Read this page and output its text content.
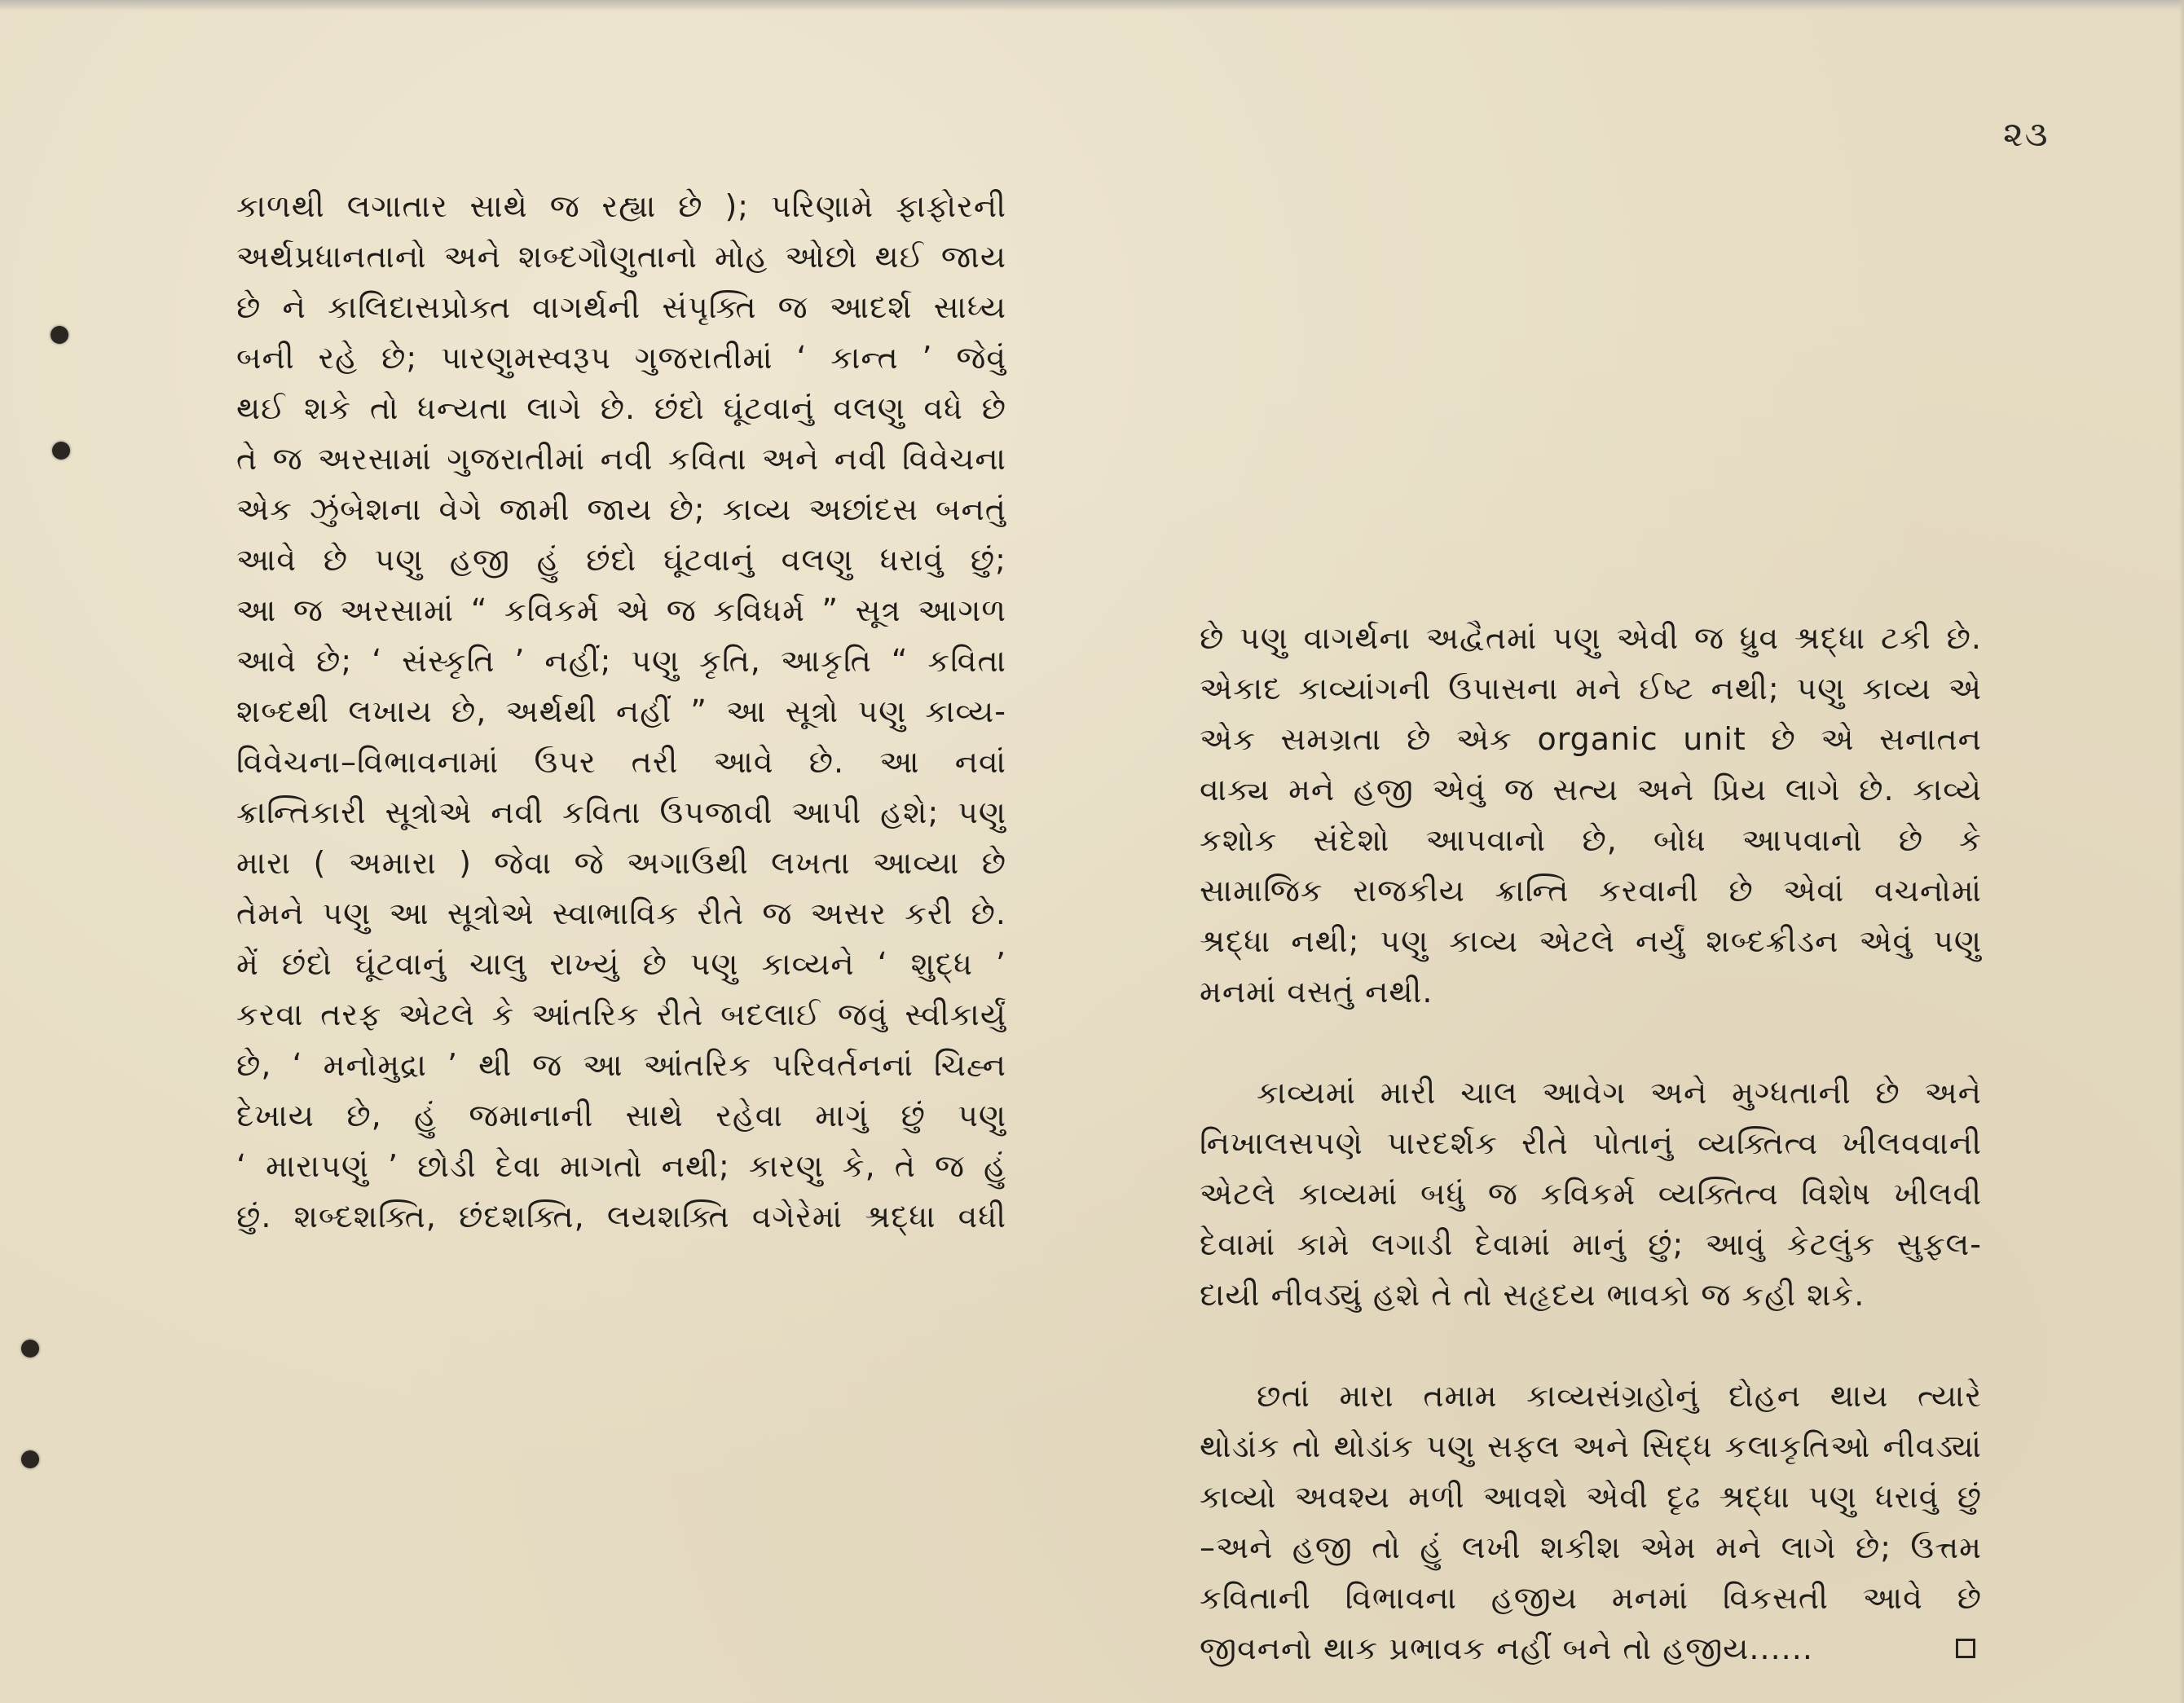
૨૩
કાળથી લગાતાર સાથે જ રહ્યા છે ); પરિણામે ફાફોરની
અર્થપ્રધાનતાનો અને શબ્દગૌણુતાનો મોહ ઓછો થઈ જાય
છે ને કાલિદાસપ્રોક્ત વાગર્થની સંપૃક્તિ જ આદર્શ સાધ્ય
બની રહે છે; પારણુમસ્વરૂપ ગુજરાતીમાં ‘ કાન્ત ’ જેવું
થઈ શકે તો ધન્યતા લાગે છે. છંદો ઘૂંટવાનું વલણુ વધે છે
તે જ અરસામાં ગુજરાતીમાં નવી કવિતા અને નવી વિવેચના
એક ઝુંબેશના વેગે જામી જાય છે; કાવ્ય અછાંદસ બનતું
આવે છે પણુ હજી હું છંદો ઘૂંટવાનું વલણુ ધરાવું છું;
આ જ અરસામાં “ કવિકર્મ એ જ કવિધર્મ ” સૂત્ર આગળ
આવે છે; ‘ સંસ્કૃતિ ’ નહીં; પણુ કૃતિ, આકૃતિ “ કવિતા
શબ્દથી લખાય છે, અર્થથી નહીં ” આ સૂત્રો પણુ કાવ્ય-
વિવેચના–વિભાવનામાં ઉપર તરી આવે છે. આ નવાં
ક્રાન્તિકારી સૂત્રોએ નવી કવિતા ઉપજાવી આપી હશે; પણુ
મારા ( અમારા ) જેવા જે અગાઉથી લખતા આવ્યા છે
તેમને પણુ આ સૂત્રોએ સ્વાભાવિક રીતે જ અસર કરી છે.
મેં છંદો ઘૂંટવાનું ચાલુ રાખ્યું છે પણુ કાવ્યને ‘ શુદ્ધ ’
કરવા તરફ એટલે કે આંતરિક રીતે બદલાઈ જવું સ્વીકાર્યું
છે, ‘ મનોમુદ્રા ’ થી જ આ આંતરિક પરિવર્તનનાં ચિહ્ન
દેખાય છે, હું જમાનાની સાથે રહેવા માગું છું પણુ
‘ મારાપણું ’ છોડી દેવા માગતો નથી; કારણુ કે, તે જ હું
છું. શબ્દશક્તિ, છંદશક્તિ, લયશક્તિ વગેરેમાં શ્રદ્ધા વધી
છે પણુ વાગર્થના અદ્વૈતમાં પણુ એવી જ ધ્રુવ શ્રદ્ધા ટકી છે.
એકાદ કાવ્યાંગની ઉપાસના મને ઈષ્ટ નથી; પણુ કાવ્ય એ
એક સમગ્રતા છે એક organic unit છે એ સનાતન
વાક્ય મને હજી એવું જ સત્ય અને પ્રિય લાગે છે. કાવ્યે
કશોક સંદેશો આપવાનો છે, બોધ આપવાનો છે કે
સામાજિક રાજકીય ક્રાન્તિ કરવાની છે એવાં વચનોમાં
શ્રદ્ધા નથી; પણુ કાવ્ય એટલે નર્યું શબ્દક્રીડન એવું પણુ
મનમાં વસતું નથી.
કાવ્યમાં મારી ચાલ આવેગ અને મુગ્ધતાની છે અને
નિખાલસપણે પારદર્શક રીતે પોતાનું વ્યક્તિત્વ ખીલવવાની
એટલે કાવ્યમાં બધું જ કવિકર્મ વ્યક્તિત્વ વિશેષ ખીલવી
દેવામાં કામે લગાડી દેવામાં માનું છું; આવું કેટલુંક સુફલ-
દાયી નીવડ્યું હશે તે તો સહૃદય ભાવકો જ કહી શકે.
છતાં મારા તમામ કાવ્યસંગ્રહોનું દોહન થાય ત્યારે
થોડાંક તો થોડાંક પણુ સફલ અને સિદ્ધ કલાકૃતિઓ નીવડ્યાં
કાવ્યો અવશ્ય મળી આવશે એવી દૃઢ શ્રદ્ધા પણુ ધરાવું છું
–અને હજી તો હું લખી શકીશ એમ મને લાગે છે; ઉત્તમ
કવિતાની વિભાવના હજીય મનમાં વિકસતી આવે છે
જીવનનો થાક પ્રભાવક નહીં બને તો હજીય......
